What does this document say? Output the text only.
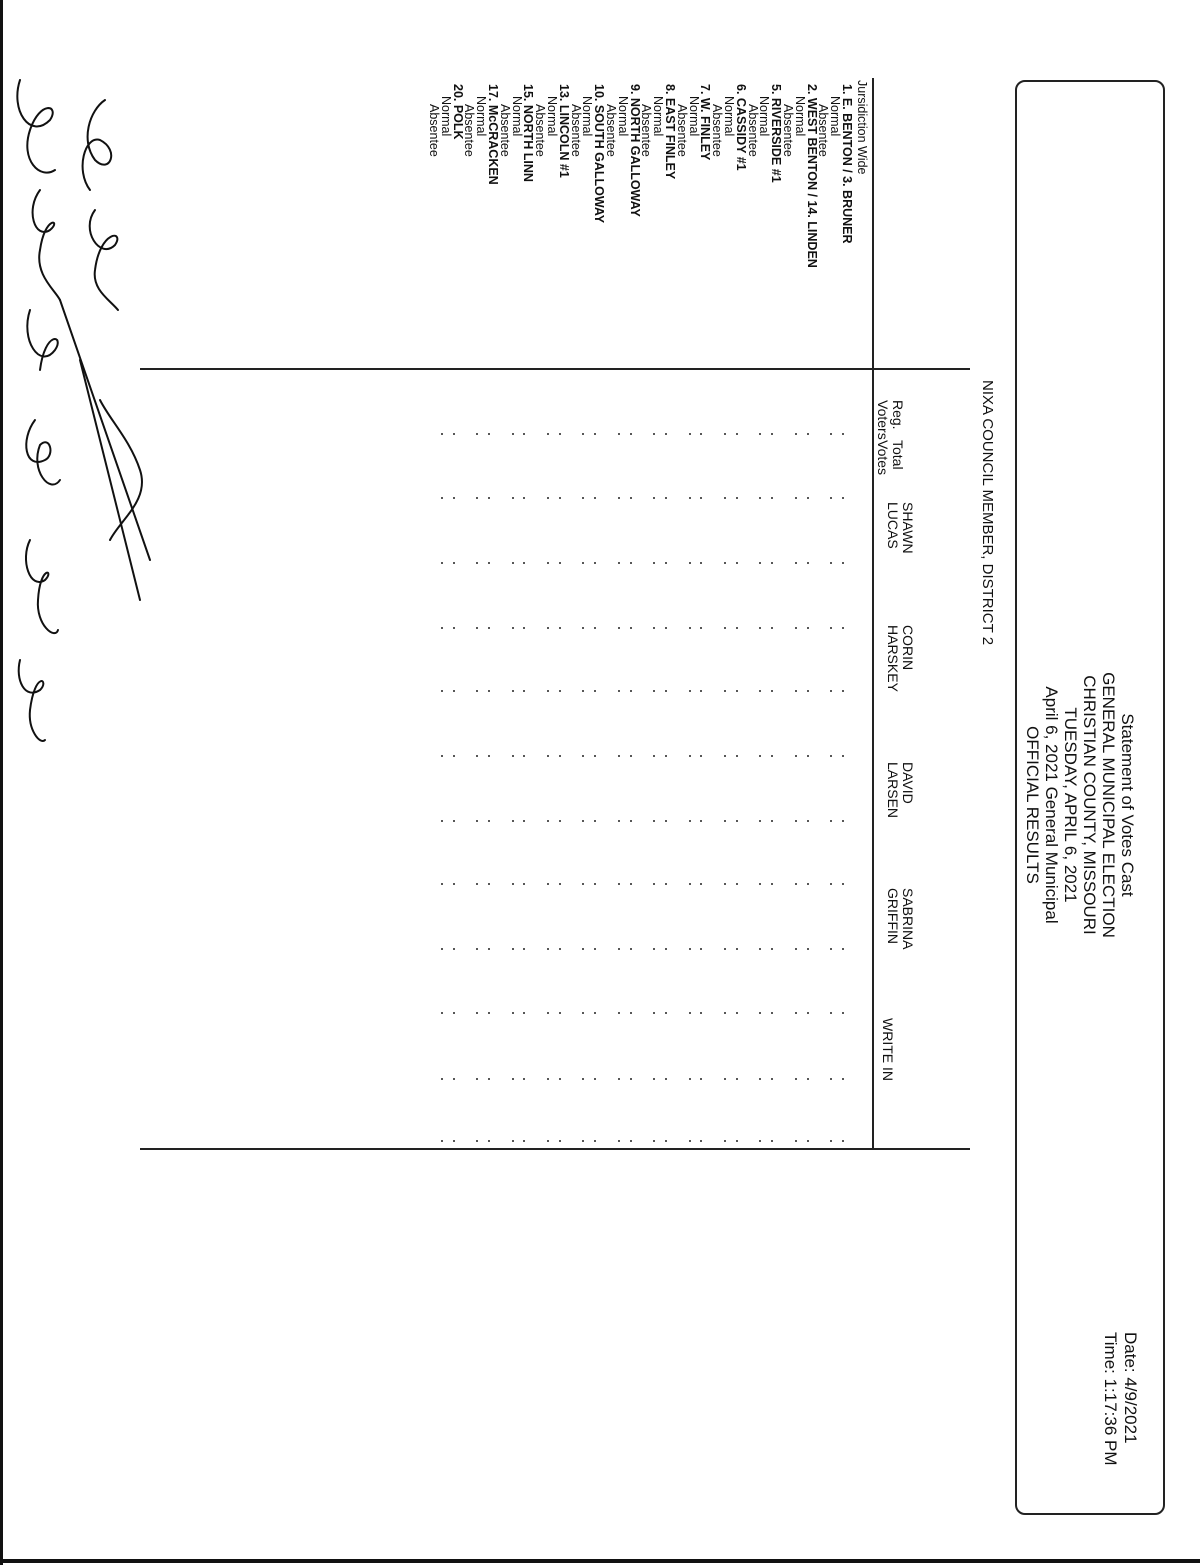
Statement of Votes Cast
GENERAL MUNICIPAL ELECTION
CHRISTIAN COUNTY, MISSOURI
TUESDAY, APRIL 6, 2021
April 6, 2021 General Municipal
OFFICIAL RESULTS
Date: 4/9/2021
Time: 1:17:36 PM
NIXA COUNCIL MEMBER, DISTRICT 2
Reg.
Voters
Total
Votes
SHAWN
LUCAS
CORIN
HARSKEY
DAVID
LARSEN
SABRINA
GRIFFIN
WRITE IN
Jursidiction Wide
1. E. BENTON / 3. BRUNER
Normal
Absentee
2. WEST BENTON / 14. LINDEN
Normal
Absentee
5. RIVERSIDE #1
Normal
Absentee
6. CASSIDY #1
Normal
Absentee
7. W. FINLEY
Normal
Absentee
8. EAST FINLEY
Normal
Absentee
9. NORTH GALLOWAY
Normal
Absentee
10. SOUTH GALLOWAY
Normal
Absentee
13. LINCOLN #1
Normal
Absentee
15. NORTH LINN
Normal
Absentee
17. McCRACKEN
Normal
Absentee
20. POLK
Normal
Absentee
